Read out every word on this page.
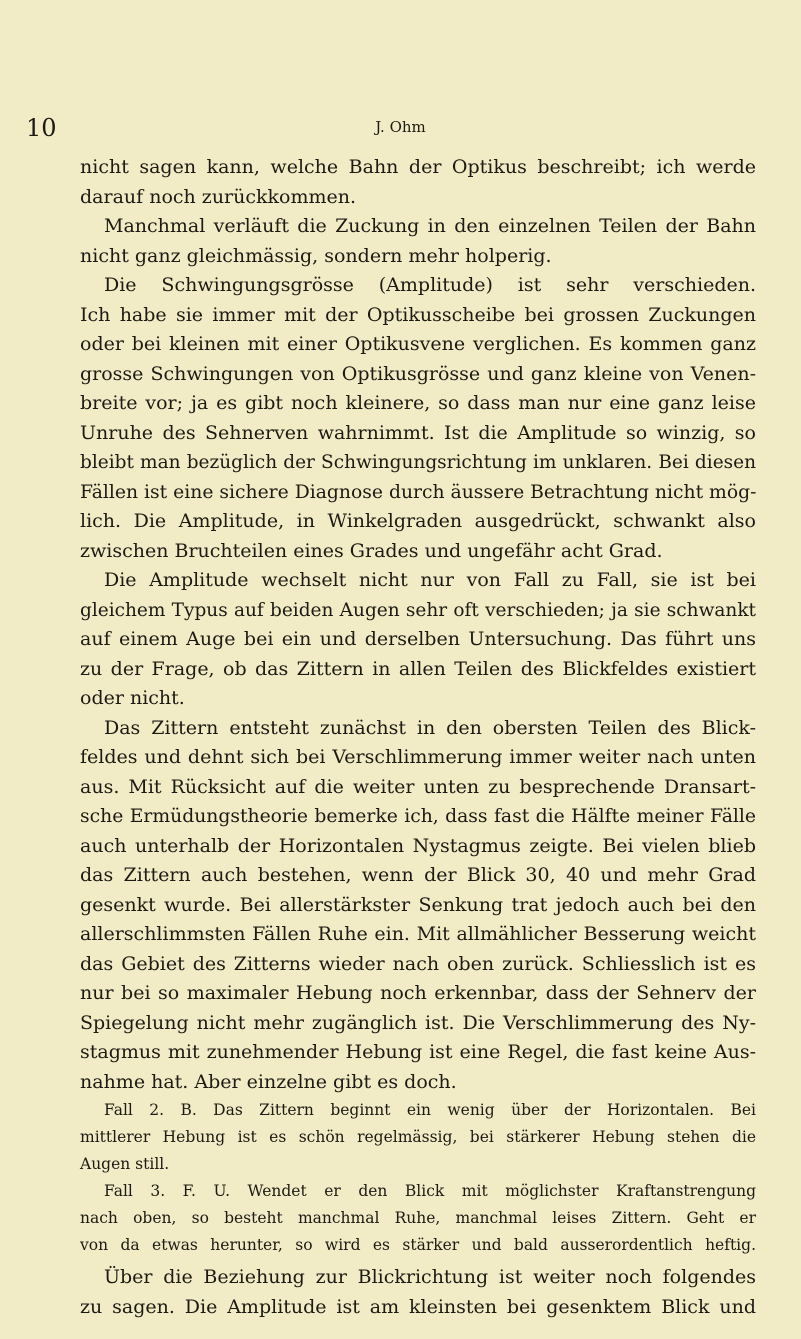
10	J. Ohm
nicht sagen kann, welche Bahn der Optikus beschreibt; ich werde
darauf noch zurückkommen.
Manchmal verläuft die Zuckung in den einzelnen Teilen der Bahn
nicht ganz gleichmässig, sondern mehr holperig.
Die Schwingungsgrösse (Amplitude) ist sehr verschieden.
Ich habe sie immer mit der Optikusscheibe bei grossen Zuckungen
oder bei kleinen mit einer Optikusvene verglichen. Es kommen ganz
grosse Schwingungen von Optikusgrösse und ganz kleine von Venen-
breite vor; ja es gibt noch kleinere, so dass man nur eine ganz leise
Unruhe des Sehnerven wahrnimmt. Ist die Amplitude so winzig, so
bleibt man bezüglich der Schwingungsrichtung im unklaren. Bei diesen
Fällen ist eine sichere Diagnose durch äussere Betrachtung nicht mög-
lich. Die Amplitude, in Winkelgraden ausgedrückt, schwankt also
zwischen Bruchteilen eines Grades und ungefähr acht Grad.
Die Amplitude wechselt nicht nur von Fall zu Fall, sie ist bei
gleichem Typus auf beiden Augen sehr oft verschieden; ja sie schwankt
auf einem Auge bei ein und derselben Untersuchung. Das führt uns
zu der Frage, ob das Zittern in allen Teilen des Blickfeldes existiert
oder nicht.
Das Zittern entsteht zunächst in den obersten Teilen des Blick-
feldes und dehnt sich bei Verschlimmerung immer weiter nach unten
aus. Mit Rücksicht auf die weiter unten zu besprechende Dransart-
sche Ermüdungstheorie bemerke ich, dass fast die Hälfte meiner Fälle
auch unterhalb der Horizontalen Nystagmus zeigte. Bei vielen blieb
das Zittern auch bestehen, wenn der Blick 30, 40 und mehr Grad
gesenkt wurde. Bei allerstärkster Senkung trat jedoch auch bei den
allerschlimmsten Fällen Ruhe ein. Mit allmählicher Besserung weicht
das Gebiet des Zitterns wieder nach oben zurück. Schliesslich ist es
nur bei so maximaler Hebung noch erkennbar, dass der Sehnerv der
Spiegelung nicht mehr zugänglich ist. Die Verschlimmerung des Ny-
stagmus mit zunehmender Hebung ist eine Regel, die fast keine Aus-
nahme hat. Aber einzelne gibt es doch.
Fall 2. B. Das Zittern beginnt ein wenig über der Horizontalen. Bei
mittlerer Hebung ist es schön regelmässig, bei stärkerer Hebung stehen die
Augen still.
Fall 3. F. U. Wendet er den Blick mit möglichster Kraftanstrengung
nach oben, so besteht manchmal Ruhe, manchmal leises Zittern. Geht er
von da etwas herunter, so wird es stärker und bald ausserordentlich heftig.
Über die Beziehung zur Blickrichtung ist weiter noch folgendes
zu sagen. Die Amplitude ist am kleinsten bei gesenktem Blick und
